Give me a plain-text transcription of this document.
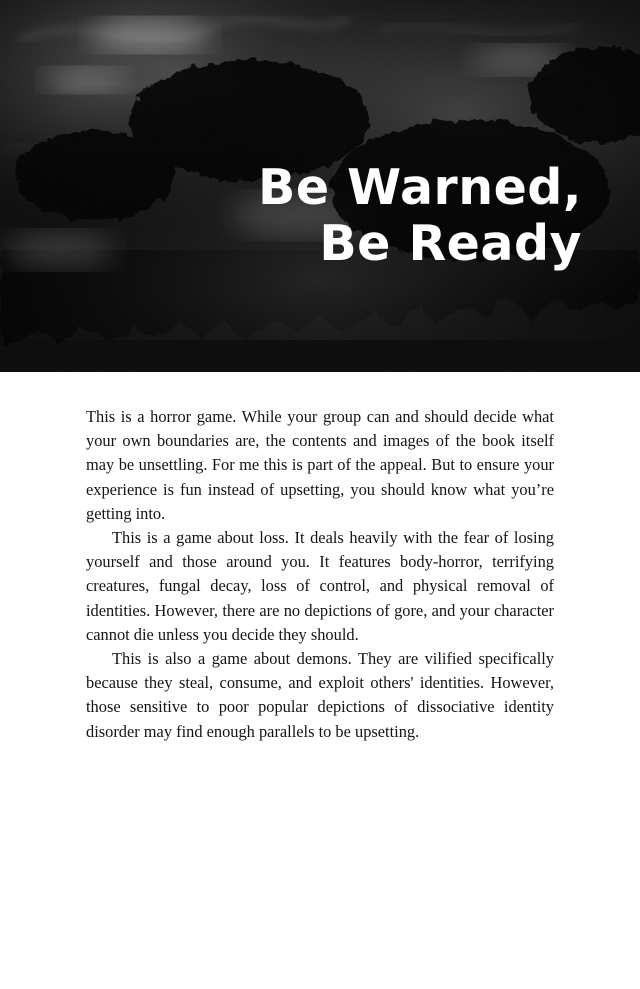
Be Warned,
Be Ready

This is a horror game. While your group can and should decide what your own boundaries are, the contents and images of the book itself may be unsettling. For me this is part of the appeal. But to ensure your experience is fun instead of upsetting, you should know what you’re getting into.

This is a game about loss. It deals heavily with the fear of losing yourself and those around you. It features body-horror, terrifying creatures, fungal decay, loss of control, and physical removal of identities. However, there are no depictions of gore, and your character cannot die unless you decide they should.

This is also a game about demons. They are vilified specifically because they steal, consume, and exploit others' identities. However, those sensitive to poor popular depictions of dissociative identity disorder may find enough parallels to be upsetting.
